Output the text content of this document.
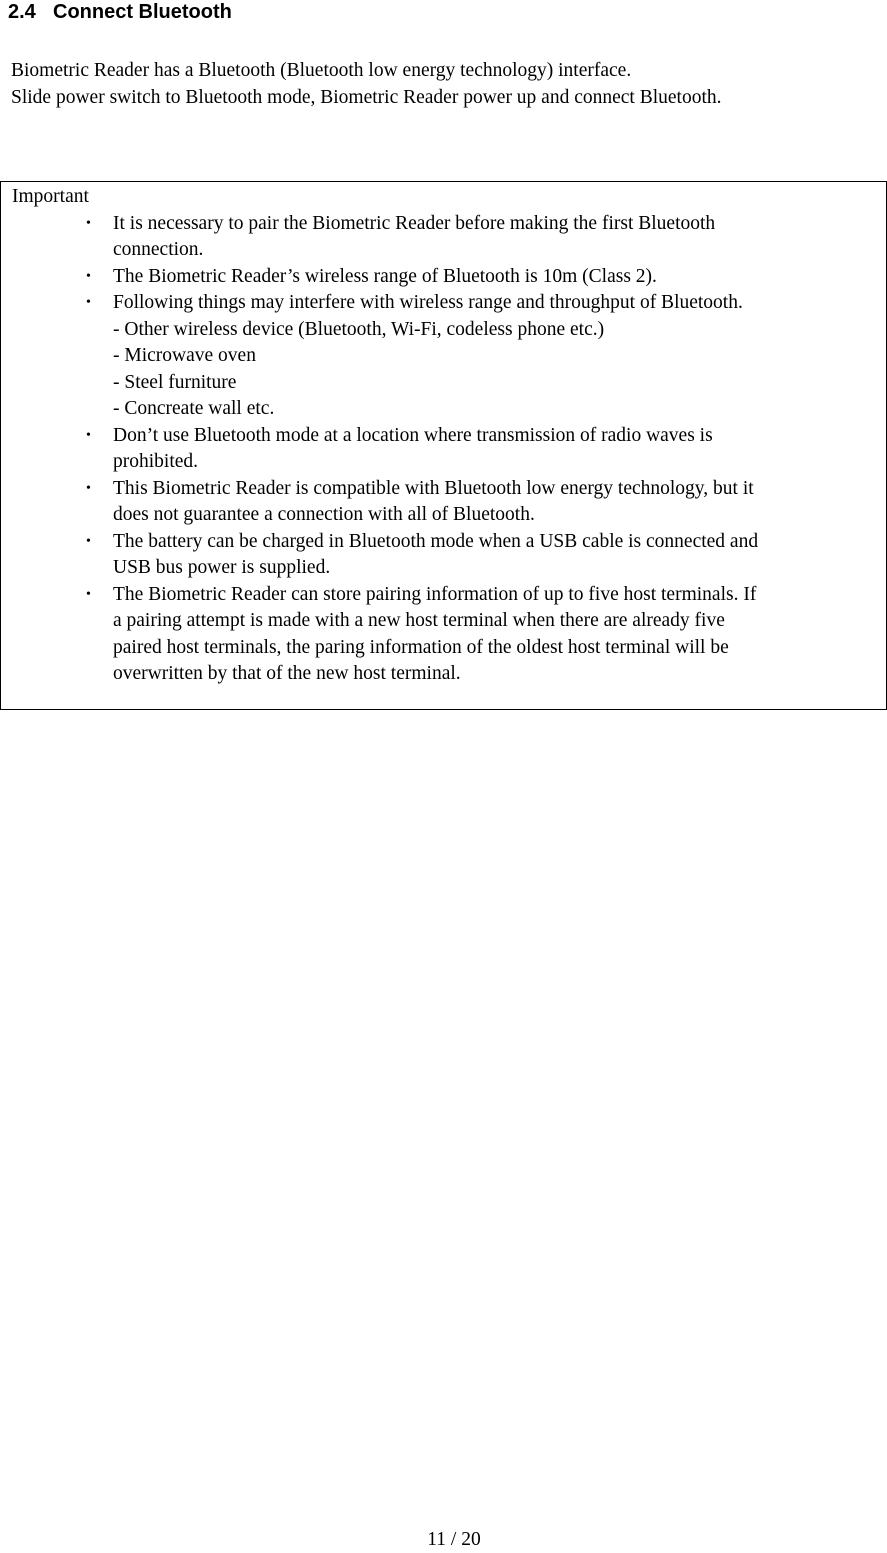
2.4 Connect Bluetooth

Biometric Reader has a Bluetooth (Bluetooth low energy technology) interface.

Slide power switch to Bluetooth mode, Biometric Reader power up and connect Bluetooth.

Important

• It is necessary to pair the Biometric Reader before making the first Bluetooth
connection.
• The Biometric Reader’s wireless range of Bluetooth is 10m (Class 2).
• Following things may interfere with wireless range and throughput of Bluetooth.
- Other wireless device (Bluetooth, Wi-Fi, codeless phone etc.)
- Microwave oven
- Steel furniture
- Concreate wall etc.
• Don’t use Bluetooth mode at a location where transmission of radio waves is
prohibited.
• This Biometric Reader is compatible with Bluetooth low energy technology, but it
does not guarantee a connection with all of Bluetooth.
• The battery can be charged in Bluetooth mode when a USB cable is connected and
USB bus power is supplied.
• The Biometric Reader can store pairing information of up to five host terminals. If
a pairing attempt is made with a new host terminal when there are already five
paired host terminals, the paring information of the oldest host terminal will be
overwritten by that of the new host terminal.
11 / 20
